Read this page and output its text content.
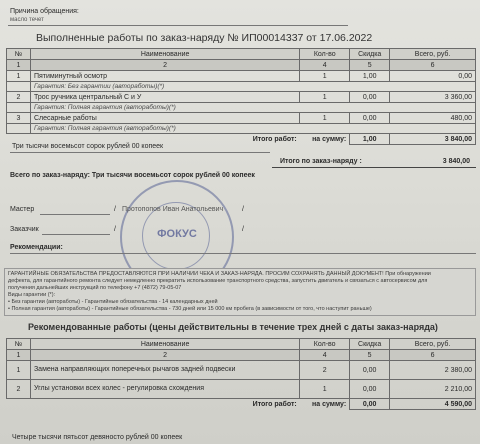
Причина обращения:
масло течет
Выполненные работы по заказ-наряду № ИП00014337 от 17.06.2022
№	Наименование	Кол-во	Скидка	Всего, руб.
1	2	4	5	6
1	Пятиминутный осмотр	1	1,00	0,00
	Гарантия: Без гарантии (автоработы)(*)			
2	Трос ручника центральный С и У	1	0,00	3 360,00
	Гарантия: Полная гарантия (автоработы)(*)			
3	Слесарные работы	1	0,00	480,00
	Гарантия: Полная гарантия (автоработы)(*)			
	Итого работ:	на сумму:	1,00	3 840,00
Три тысячи восемьсот сорок рублей 00 копеек
Итого по заказ-наряду :	3 840,00
Всего по заказ-наряду: Три тысячи восемьсот сорок рублей 00 копеек
ФОКУС
Мастер	/ Протопопов Иван Анатольевич	/
Заказчик	/	/
Рекомендации:
ГАРАНТИЙНЫЕ ОБЯЗАТЕЛЬСТВА ПРЕДОСТАВЛЯЮТСЯ ПРИ НАЛИЧИИ ЧЕКА И ЗАКАЗ-НАРЯДА. ПРОСИМ СОХРАНЯТЬ ДАННЫЙ ДОКУМЕНТ! При обнаружении
дефекта, для гарантийного ремонта следует немедленно прекратить использование транспортного средства, запустить двигатель и связаться с автосервисом для
получения дальнейших инструкций по телефону +7 (4872) 79-05-07
Виды гарантии (*):
• Без гарантии (автоработы) - Гарантийные обязательства - 14 календарных дней
• Полная гарантия (автоработы) - Гарантийные обязательства - 730 дней или 15 000 км пробега (в зависимости от того, что наступит раньше)
Рекомендованные работы (цены действительны в течение трех дней с даты заказ-наряда)
№	Наименование	Кол-во	Скидка	Всего, руб.
1	2	4	5	6
1	Замена направляющих поперечных рычагов задней подвески	2	0,00	2 380,00
2	Углы установки всех колес - регулировка схождения	1	0,00	2 210,00
	Итого работ:	на сумму:	0,00	4 590,00
Четыре тысячи пятьсот девяносто рублей 00 копеек
